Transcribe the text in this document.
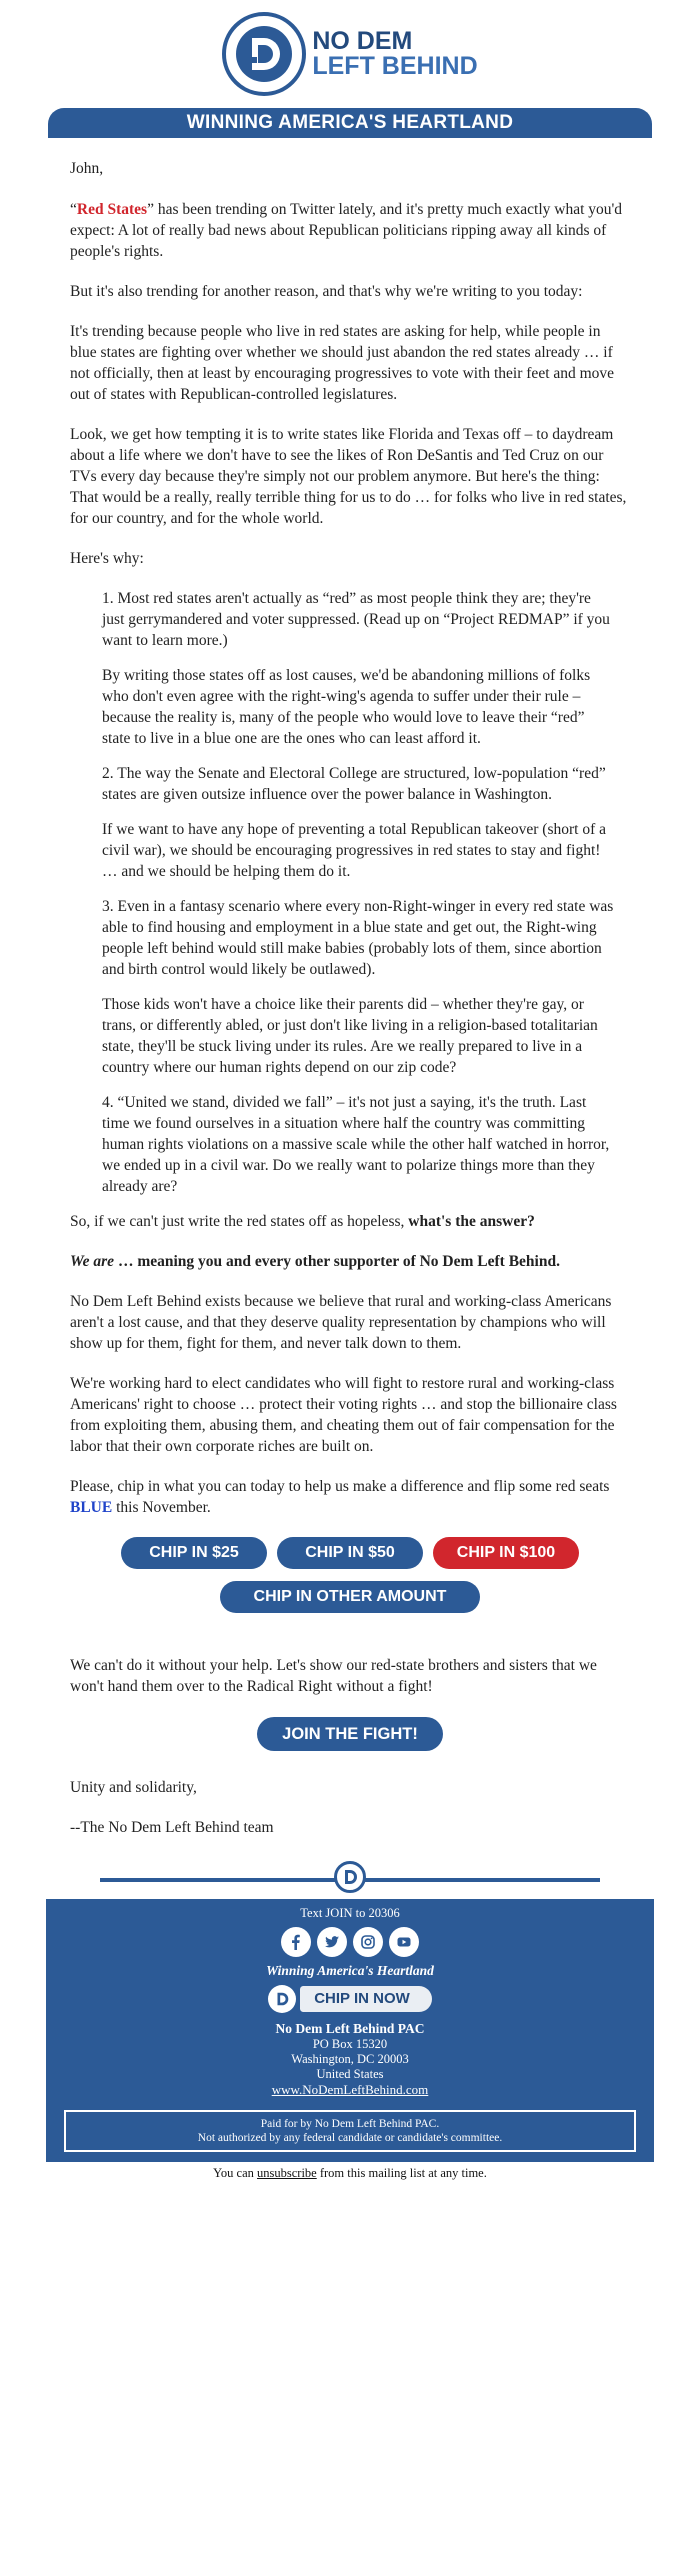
NO DEM
LEFT BEHIND
WINNING AMERICA'S HEARTLAND

John,

“Red States” has been trending on Twitter lately, and it's pretty much exactly what you'd expect: A lot of really bad news about Republican politicians ripping away all kinds of people's rights.

But it's also trending for another reason, and that's why we're writing to you today:

It's trending because people who live in red states are asking for help, while people in blue states are fighting over whether we should just abandon the red states already … if not officially, then at least by encouraging progressives to vote with their feet and move out of states with Republican-controlled legislatures.

Look, we get how tempting it is to write states like Florida and Texas off – to daydream about a life where we don't have to see the likes of Ron DeSantis and Ted Cruz on our TVs every day because they're simply not our problem anymore. But here's the thing: That would be a really, really terrible thing for us to do … for folks who live in red states, for our country, and for the whole world.

Here's why:

1. Most red states aren't actually as “red” as most people think they are; they're just gerrymandered and voter suppressed. (Read up on “Project REDMAP” if you want to learn more.)

By writing those states off as lost causes, we'd be abandoning millions of folks who don't even agree with the right-wing's agenda to suffer under their rule – because the reality is, many of the people who would love to leave their “red” state to live in a blue one are the ones who can least afford it.

2. The way the Senate and Electoral College are structured, low-population “red” states are given outsize influence over the power balance in Washington.

If we want to have any hope of preventing a total Republican takeover (short of a civil war), we should be encouraging progressives in red states to stay and fight! … and we should be helping them do it.

3. Even in a fantasy scenario where every non-Right-winger in every red state was able to find housing and employment in a blue state and get out, the Right-wing people left behind would still make babies (probably lots of them, since abortion and birth control would likely be outlawed).

Those kids won't have a choice like their parents did – whether they're gay, or trans, or differently abled, or just don't like living in a religion-based totalitarian state, they'll be stuck living under its rules. Are we really prepared to live in a country where our human rights depend on our zip code?

4. “United we stand, divided we fall” – it's not just a saying, it's the truth. Last time we found ourselves in a situation where half the country was committing human rights violations on a massive scale while the other half watched in horror, we ended up in a civil war. Do we really want to polarize things more than they already are?

So, if we can't just write the red states off as hopeless, what's the answer?

We are … meaning you and every other supporter of No Dem Left Behind.

No Dem Left Behind exists because we believe that rural and working-class Americans aren't a lost cause, and that they deserve quality representation by champions who will show up for them, fight for them, and never talk down to them.

We're working hard to elect candidates who will fight to restore rural and working-class Americans' right to choose … protect their voting rights … and stop the billionaire class from exploiting them, abusing them, and cheating them out of fair compensation for the labor that their own corporate riches are built on.

Please, chip in what you can today to help us make a difference and flip some red seats BLUE this November.

CHIP IN $25	CHIP IN $50	CHIP IN $100
CHIP IN OTHER AMOUNT

We can't do it without your help. Let's show our red-state brothers and sisters that we won't hand them over to the Radical Right without a fight!

JOIN THE FIGHT!

Unity and solidarity,

--The No Dem Left Behind team

Text JOIN to 20306
Winning America's Heartland
CHIP IN NOW
No Dem Left Behind PAC
PO Box 15320
Washington, DC 20003
United States
www.NoDemLeftBehind.com
Paid for by No Dem Left Behind PAC.
Not authorized by any federal candidate or candidate's committee.
You can unsubscribe from this mailing list at any time.
